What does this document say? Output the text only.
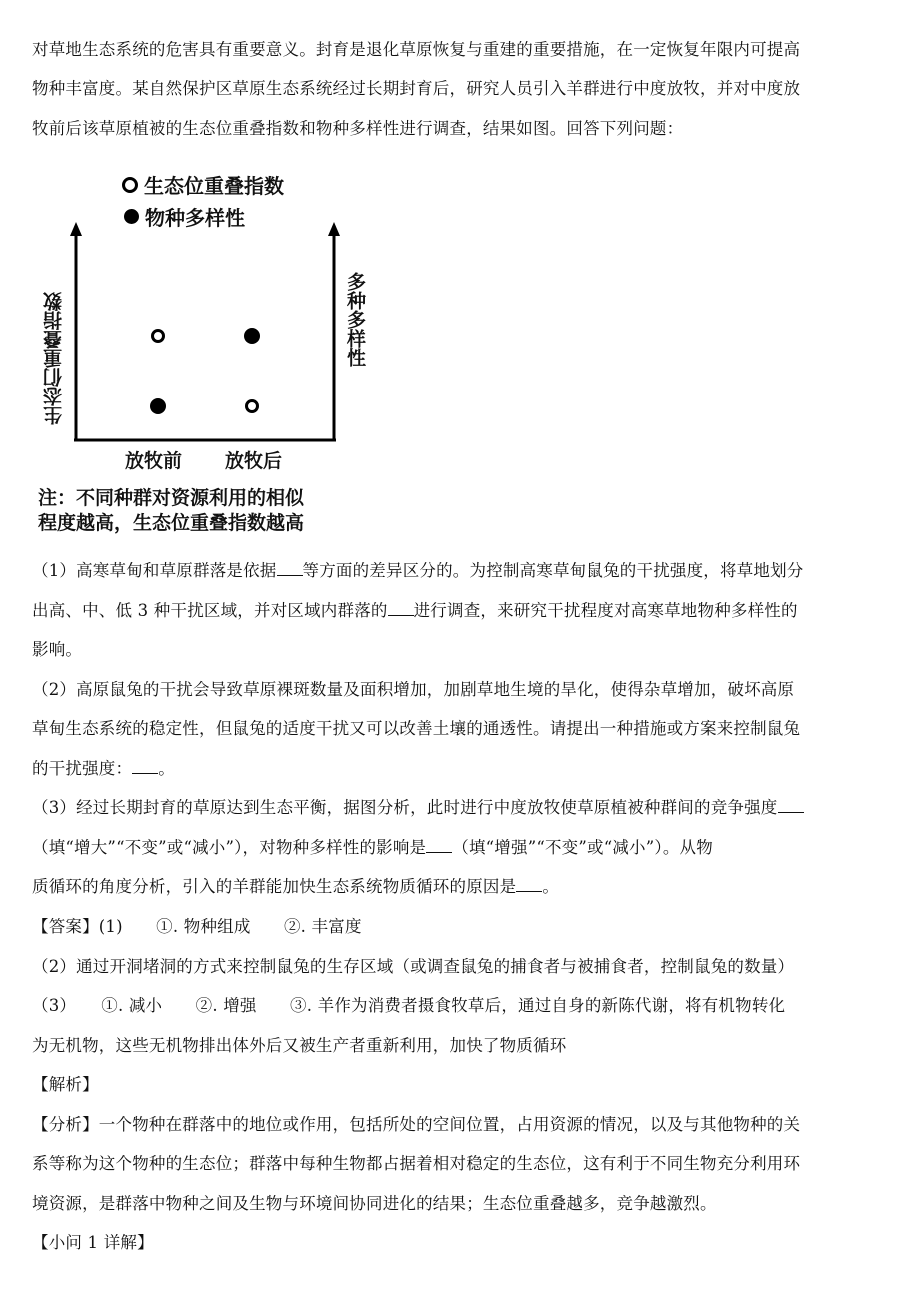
对草地生态系统的危害具有重要意义。封育是退化草原恢复与重建的重要措施，在一定恢复年限内可提高
物种丰富度。某自然保护区草原生态系统经过长期封育后，研究人员引入羊群进行中度放牧，并对中度放
牧前后该草原植被的生态位重叠指数和物种多样性进行调查，结果如图。回答下列问题：
生态位重叠指数
物种多样性
生态们重叠指数	多种多样性
放牧前 放牧后
注：不同种群对资源利用的相似
程度越高，生态位重叠指数越高
（1）高寒草甸和草原群落是依据 等方面的差异区分的。为控制高寒草甸鼠兔的干扰强度，将草地划分
出高、中、低 3 种干扰区域，并对区域内群落的 进行调查，来研究干扰程度对高寒草地物种多样性的
影响。
（2）高原鼠兔的干扰会导致草原裸斑数量及面积增加，加剧草地生境的旱化，使得杂草增加，破坏高原
草甸生态系统的稳定性，但鼠兔的适度干扰又可以改善土壤的通透性。请提出一种措施或方案来控制鼠兔
的干扰强度： 。
（3）经过长期封育的草原达到生态平衡，据图分析，此时进行中度放牧使草原植被种群间的竞争强度
（填“增大”“不变”或“减小”），对物种多样性的影响是 （填“增强”“不变”或“减小”）。从物
质循环的角度分析，引入的羊群能加快生态系统物质循环的原因是 。
【答案】(1)　　①. 物种组成　　②. 丰富度
（2）通过开洞堵洞的方式来控制鼠兔的生存区域（或调查鼠兔的捕食者与被捕食者，控制鼠兔的数量）
（3）　　①. 减小　　②. 增强　　③. 羊作为消费者摄食牧草后，通过自身的新陈代谢，将有机物转化
为无机物，这些无机物排出体外后又被生产者重新利用，加快了物质循环
【解析】
【分析】一个物种在群落中的地位或作用，包括所处的空间位置，占用资源的情况，以及与其他物种的关
系等称为这个物种的生态位；群落中每种生物都占据着相对稳定的生态位，这有利于不同生物充分利用环
境资源，是群落中物种之间及生物与环境间协同进化的结果；生态位重叠越多，竞争越激烈。
【小问 1 详解】
